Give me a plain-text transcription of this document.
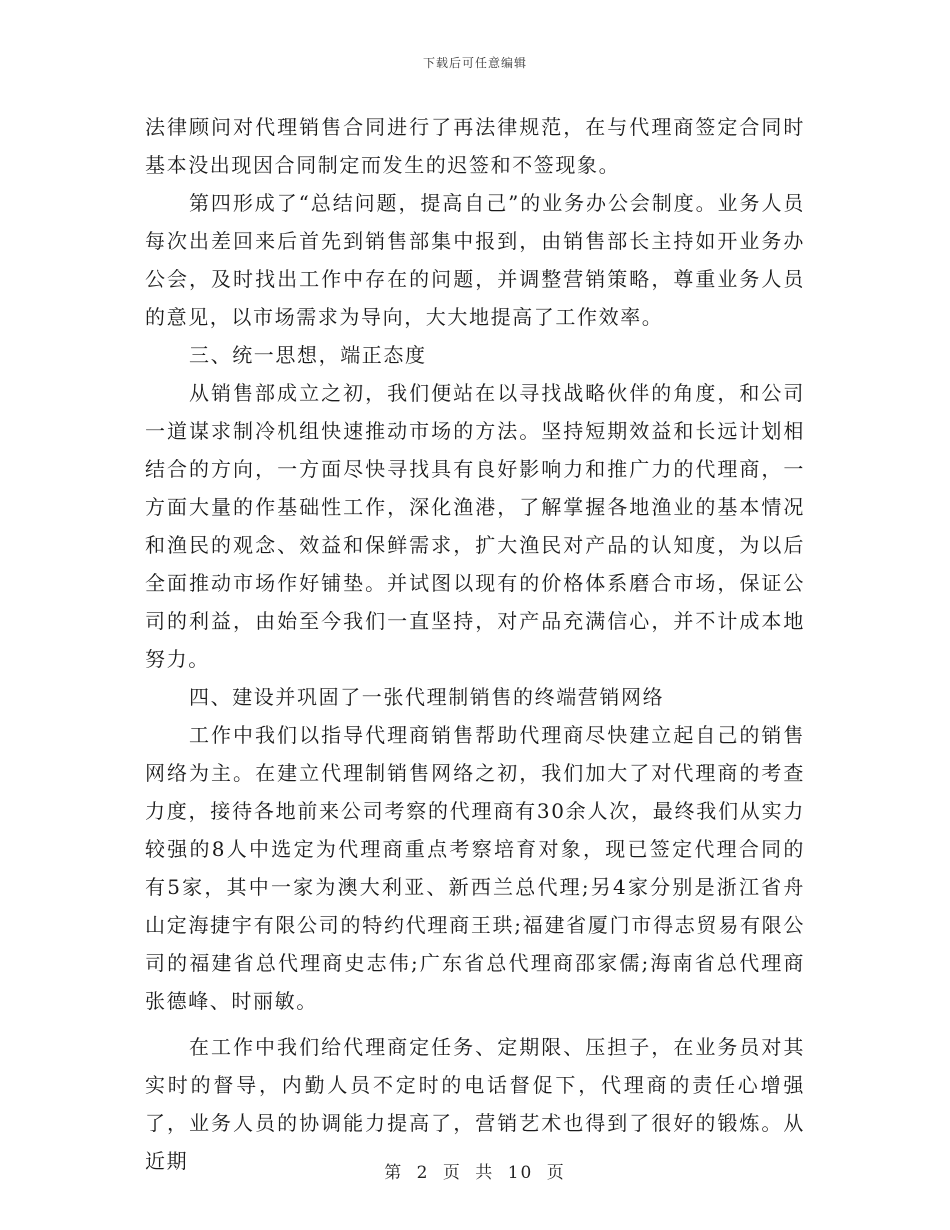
下载后可任意编辑

法律顾问对代理销售合同进行了再法律规范，在与代理商签定合同时基本没出现因合同制定而发生的迟签和不签现象。

第四形成了“总结问题，提高自己”的业务办公会制度。业务人员每次出差回来后首先到销售部集中报到，由销售部长主持如开业务办公会，及时找出工作中存在的问题，并调整营销策略，尊重业务人员的意见，以市场需求为导向，大大地提高了工作效率。

三、统一思想，端正态度

从销售部成立之初，我们便站在以寻找战略伙伴的角度，和公司一道谋求制冷机组快速推动市场的方法。坚持短期效益和长远计划相结合的方向，一方面尽快寻找具有良好影响力和推广力的代理商，一方面大量的作基础性工作，深化渔港，了解掌握各地渔业的基本情况和渔民的观念、效益和保鲜需求，扩大渔民对产品的认知度，为以后全面推动市场作好铺垫。并试图以现有的价格体系磨合市场，保证公司的利益，由始至今我们一直坚持，对产品充满信心，并不计成本地努力。

四、建设并巩固了一张代理制销售的终端营销网络

工作中我们以指导代理商销售帮助代理商尽快建立起自己的销售网络为主。在建立代理制销售网络之初，我们加大了对代理商的考查力度，接待各地前来公司考察的代理商有30余人次，最终我们从实力较强的8人中选定为代理商重点考察培育对象，现已签定代理合同的有5家，其中一家为澳大利亚、新西兰总代理;另4家分别是浙江省舟山定海捷宇有限公司的特约代理商王珙;福建省厦门市得志贸易有限公司的福建省总代理商史志伟;广东省总代理商邵家儒;海南省总代理商张德峰、时丽敏。

在工作中我们给代理商定任务、定期限、压担子，在业务员对其实时的督导，内勤人员不定时的电话督促下，代理商的责任心增强了，业务人员的协调能力提高了，营销艺术也得到了很好的锻炼。从近期	第 2 页 共 10 页
